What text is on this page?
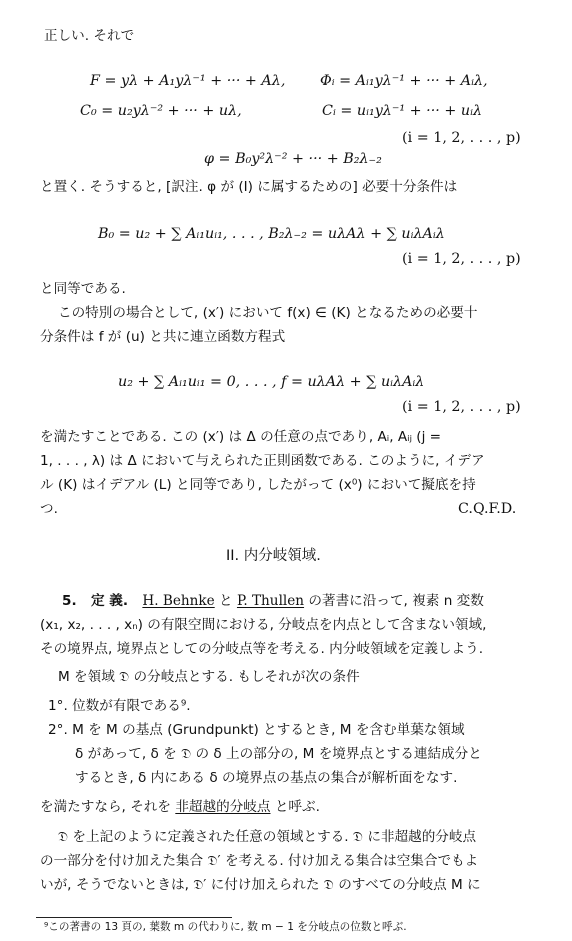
正しい. それで
F = yλ + A₁yλ⁻¹ + ··· + Aλ, Φᵢ = Aᵢ₁yλ⁻¹ + ··· + Aᵢλ,
C₀ = u₂yλ⁻² + ··· + uλ,	Cᵢ = uᵢ₁yλ⁻¹ + ··· + uᵢλ
(i = 1, 2, . . . , p)
φ = B₀y²λ⁻² + ··· + B₂λ₋₂
と置く. そうすると, [訳注. φ が (I) に属するための] 必要十分条件は
B₀ = u₂ + ∑ Aᵢ₁uᵢ₁, . . . , B₂λ₋₂ = uλAλ + ∑ uᵢλAᵢλ
(i = 1, 2, . . . , p)
と同等である.
この特別の場合として, (x′) において f(x) ∈ (K) となるための必要十
分条件は f が (u) と共に連立函数方程式
u₂ + ∑ Aᵢ₁uᵢ₁ = 0, . . . , f = uλAλ + ∑ uᵢλAᵢλ
(i = 1, 2, . . . , p)
を満たすことである. この (x′) は Δ の任意の点であり, Aᵢ, Aᵢⱼ (j =
1, . . . , λ) は Δ において与えられた正則函数である. このように, イデア
ル (K) はイデアル (L) と同等であり, したがって (x⁰) において擬底を持
つ.	C.Q.F.D.
II. 内分岐領域.
5. 定 義. H. Behnke と P. Thullen の著書に沿って, 複素 n 変数
(x₁, x₂, . . . , xₙ) の有限空間における, 分岐点を内点として含まない領域,
その境界点, 境界点としての分岐点等を考える. 内分岐領域を定義しよう.
M を領域 𝔇 の分岐点とする. もしそれが次の条件
1°. 位数が有限である⁹.
2°. M を M の基点 (Grundpunkt) とするとき, M を含む単葉な領域
δ があって, δ を 𝔇 の δ 上の部分の, M を境界点とする連結成分と
するとき, δ 内にある δ の境界点の基点の集合が解析面をなす.
を満たすなら, それを 非超越的分岐点 と呼ぶ.
𝔇 を上記のように定義された任意の領域とする. 𝔇 に非超越的分岐点
の一部分を付け加えた集合 𝔇′ を考える. 付け加える集合は空集合でもよ
いが, そうでないときは, 𝔇′ に付け加えられた 𝔇 のすべての分岐点 M に
⁹この著書の 13 頁の, 葉数 m の代わりに, 数 m − 1 を分岐点の位数と呼ぶ.
